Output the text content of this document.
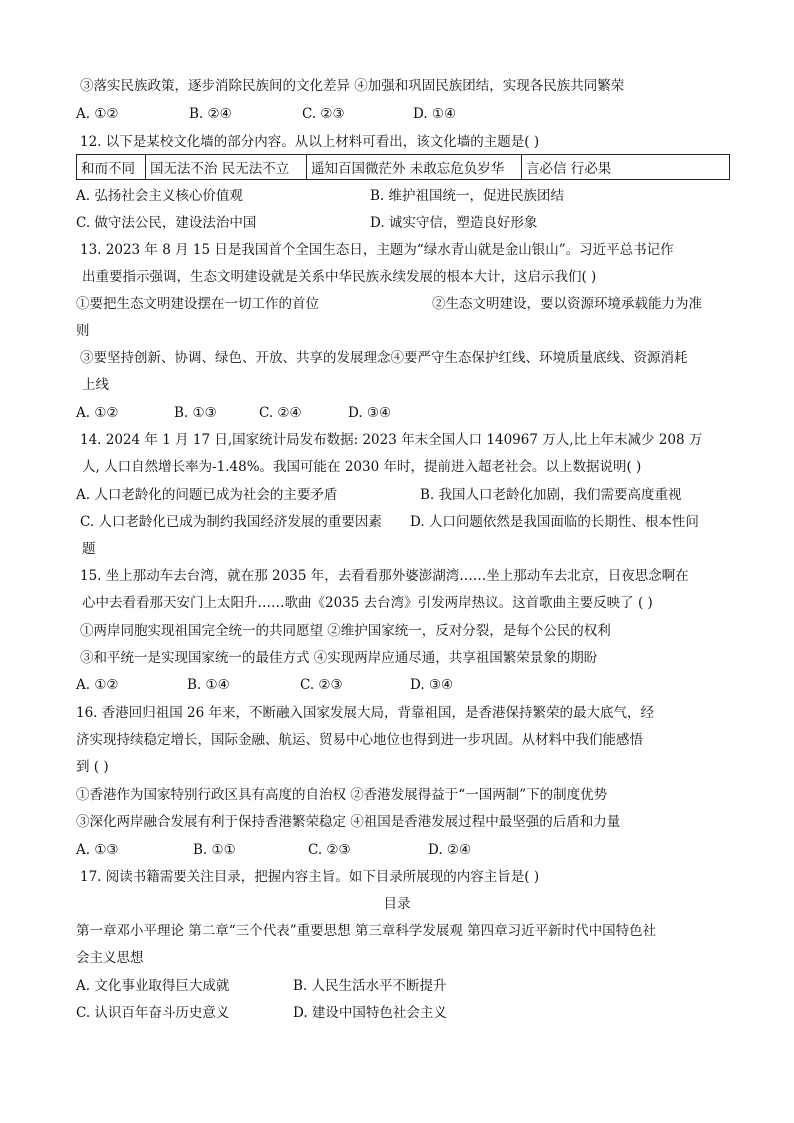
③落实民族政策，逐步消除民族间的文化差异 ④加强和巩固民族团结，实现各民族共同繁荣
A. ①②	B. ②④	C. ②③	D. ①④
12. 以下是某校文化墙的部分内容。从以上材料可看出，该文化墙的主题是( )
和而不同	国无法不治 民无法不立	遥知百国微茫外 未敢忘危负岁华	言必信 行必果
A. 弘扬社会主义核心价值观	B. 维护祖国统一，促进民族团结
C. 做守法公民，建设法治中国	D. 诚实守信，塑造良好形象
13. 2023 年 8 月 15 日是我国首个全国生态日，主题为“绿水青山就是金山银山”。习近平总书记作
出重要指示强调，生态文明建设就是关系中华民族永续发展的根本大计，这启示我们( )
①要把生态文明建设摆在一切工作的首位	②生态文明建设，要以资源环境承载能力为准
则
③要坚持创新、协调、绿色、开放、共享的发展理念④要严守生态保护红线、环境质量底线、资源消耗
上线
A. ①②	B. ①③	C. ②④	D. ③④
14. 2024 年 1 月 17 日,国家统计局发布数据: 2023 年末全国人口 140967 万人,比上年末减少 208 万
人, 人口自然增长率为-1.48%。我国可能在 2030 年时，提前进入超老社会。以上数据说明( )
A. 人口老龄化的问题已成为社会的主要矛盾	B. 我国人口老龄化加剧，我们需要高度重视
C. 人口老龄化已成为制约我国经济发展的重要因素 D. 人口问题依然是我国面临的长期性、根本性问
题
15. 坐上那动车去台湾，就在那 2035 年，去看看那外婆澎湖湾……坐上那动车去北京，日夜思念啊在
心中去看看那天安门上太阳升……歌曲《2035 去台湾》引发两岸热议。这首歌曲主要反映了 ( )
①两岸同胞实现祖国完全统一的共同愿望 ②维护国家统一，反对分裂，是每个公民的权利
③和平统一是实现国家统一的最佳方式 ④实现两岸应通尽通，共享祖国繁荣景象的期盼
A. ①②	B. ①④	C. ②③	D. ③④
16. 香港回归祖国 26 年来，不断融入国家发展大局，背靠祖国，是香港保持繁荣的最大底气，经
济实现持续稳定增长，国际金融、航运、贸易中心地位也得到进一步巩固。从材料中我们能感悟
到 ( )
①香港作为国家特别行政区具有高度的自治权 ②香港发展得益于“一国两制”下的制度优势
③深化两岸融合发展有利于保持香港繁荣稳定 ④祖国是香港发展过程中最坚强的后盾和力量
A. ①③	B. ①①	C. ②③	D. ②④
17. 阅读书籍需要关注目录，把握内容主旨。如下目录所展现的内容主旨是( )
目录
第一章邓小平理论 第二章“三个代表”重要思想 第三章科学发展观 第四章习近平新时代中国特色社
会主义思想
A. 文化事业取得巨大成就	B. 人民生活水平不断提升
C. 认识百年奋斗历史意义	D. 建设中国特色社会主义
